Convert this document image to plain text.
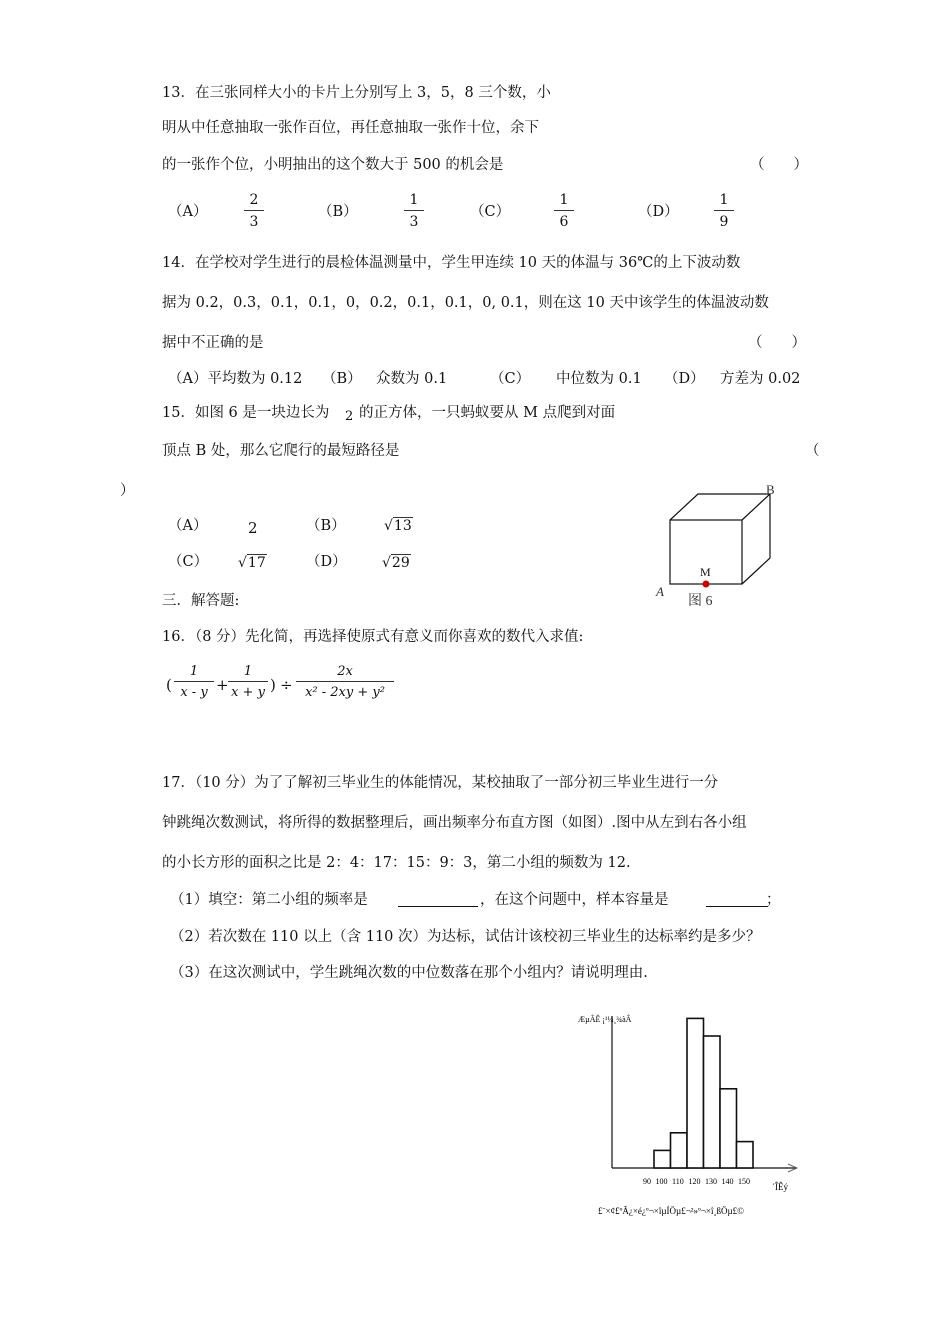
13．在三张同样大小的卡片上分别写上 3，5，8 三个数，小
明从中任意抽取一张作百位，再任意抽取一张作十位，余下
的一张作个位，小明抽出的这个数大于 500 的机会是	（　　）
（A）	$\frac{2}{3}$	（B）	$\frac{1}{3}$	（C）	$\frac{1}{6}$	（D）	$\frac{1}{9}$
14．在学校对学生进行的晨检体温测量中，学生甲连续 10 天的体温与 36℃的上下波动数
据为 0.2，0.3，0.1，0.1，0，0.2，0.1，0.1，0, 0.1，则在这 10 天中该学生的体温波动数
据中不正确的是	（　　）
（A）平均数为 0.12 （B） 众数为 0.1	（C） 中位数为 0.1 （D） 方差为 0.02
15．如图 6 是一块边长为 2 的正方体，一只蚂蚁要从 M 点爬到对面
顶点 B 处，那么它爬行的最短路径是	（
）
（A）	2	（B）	√13
（C） √17	（D）	√29
B
A
M
图 6
三．解答题:
16．（8 分）先化简，再选择使原式有意义而你喜欢的数代入求值:
( $\frac{1}{x - y} + \frac{1}{x + y}$ ) ÷ $\frac{2x}{\text{x² - 2xy + y²}}$
17．（10 分）为了了解初三毕业生的体能情况，某校抽取了一部分初三毕业生进行一分
钟跳绳次数测试，将所得的数据整理后，画出频率分布直方图（如图）.图中从左到右各小组
的小长方形的面积之比是 2：4：17：15：9：3，第二小组的频数为 12.
（1）填空：第二小组的频率是	，在这个问题中，样本容量是	；
（2）若次数在 110 以上（含 110 次）为达标，试估计该校初三毕业生的达标率约是多少？
（3）在这次测试中，学生跳绳次数的中位数落在那个小组内？请说明理由.
ÆµÂÊ ¡¹¼¸¾àÂ
´ÎÊý
£¨×¢£ºÃ¿×é¿º¬×îµÍÖµ£¬²»º¬×î¸ßÖµ£©
90 100 110 120 130 140 150
